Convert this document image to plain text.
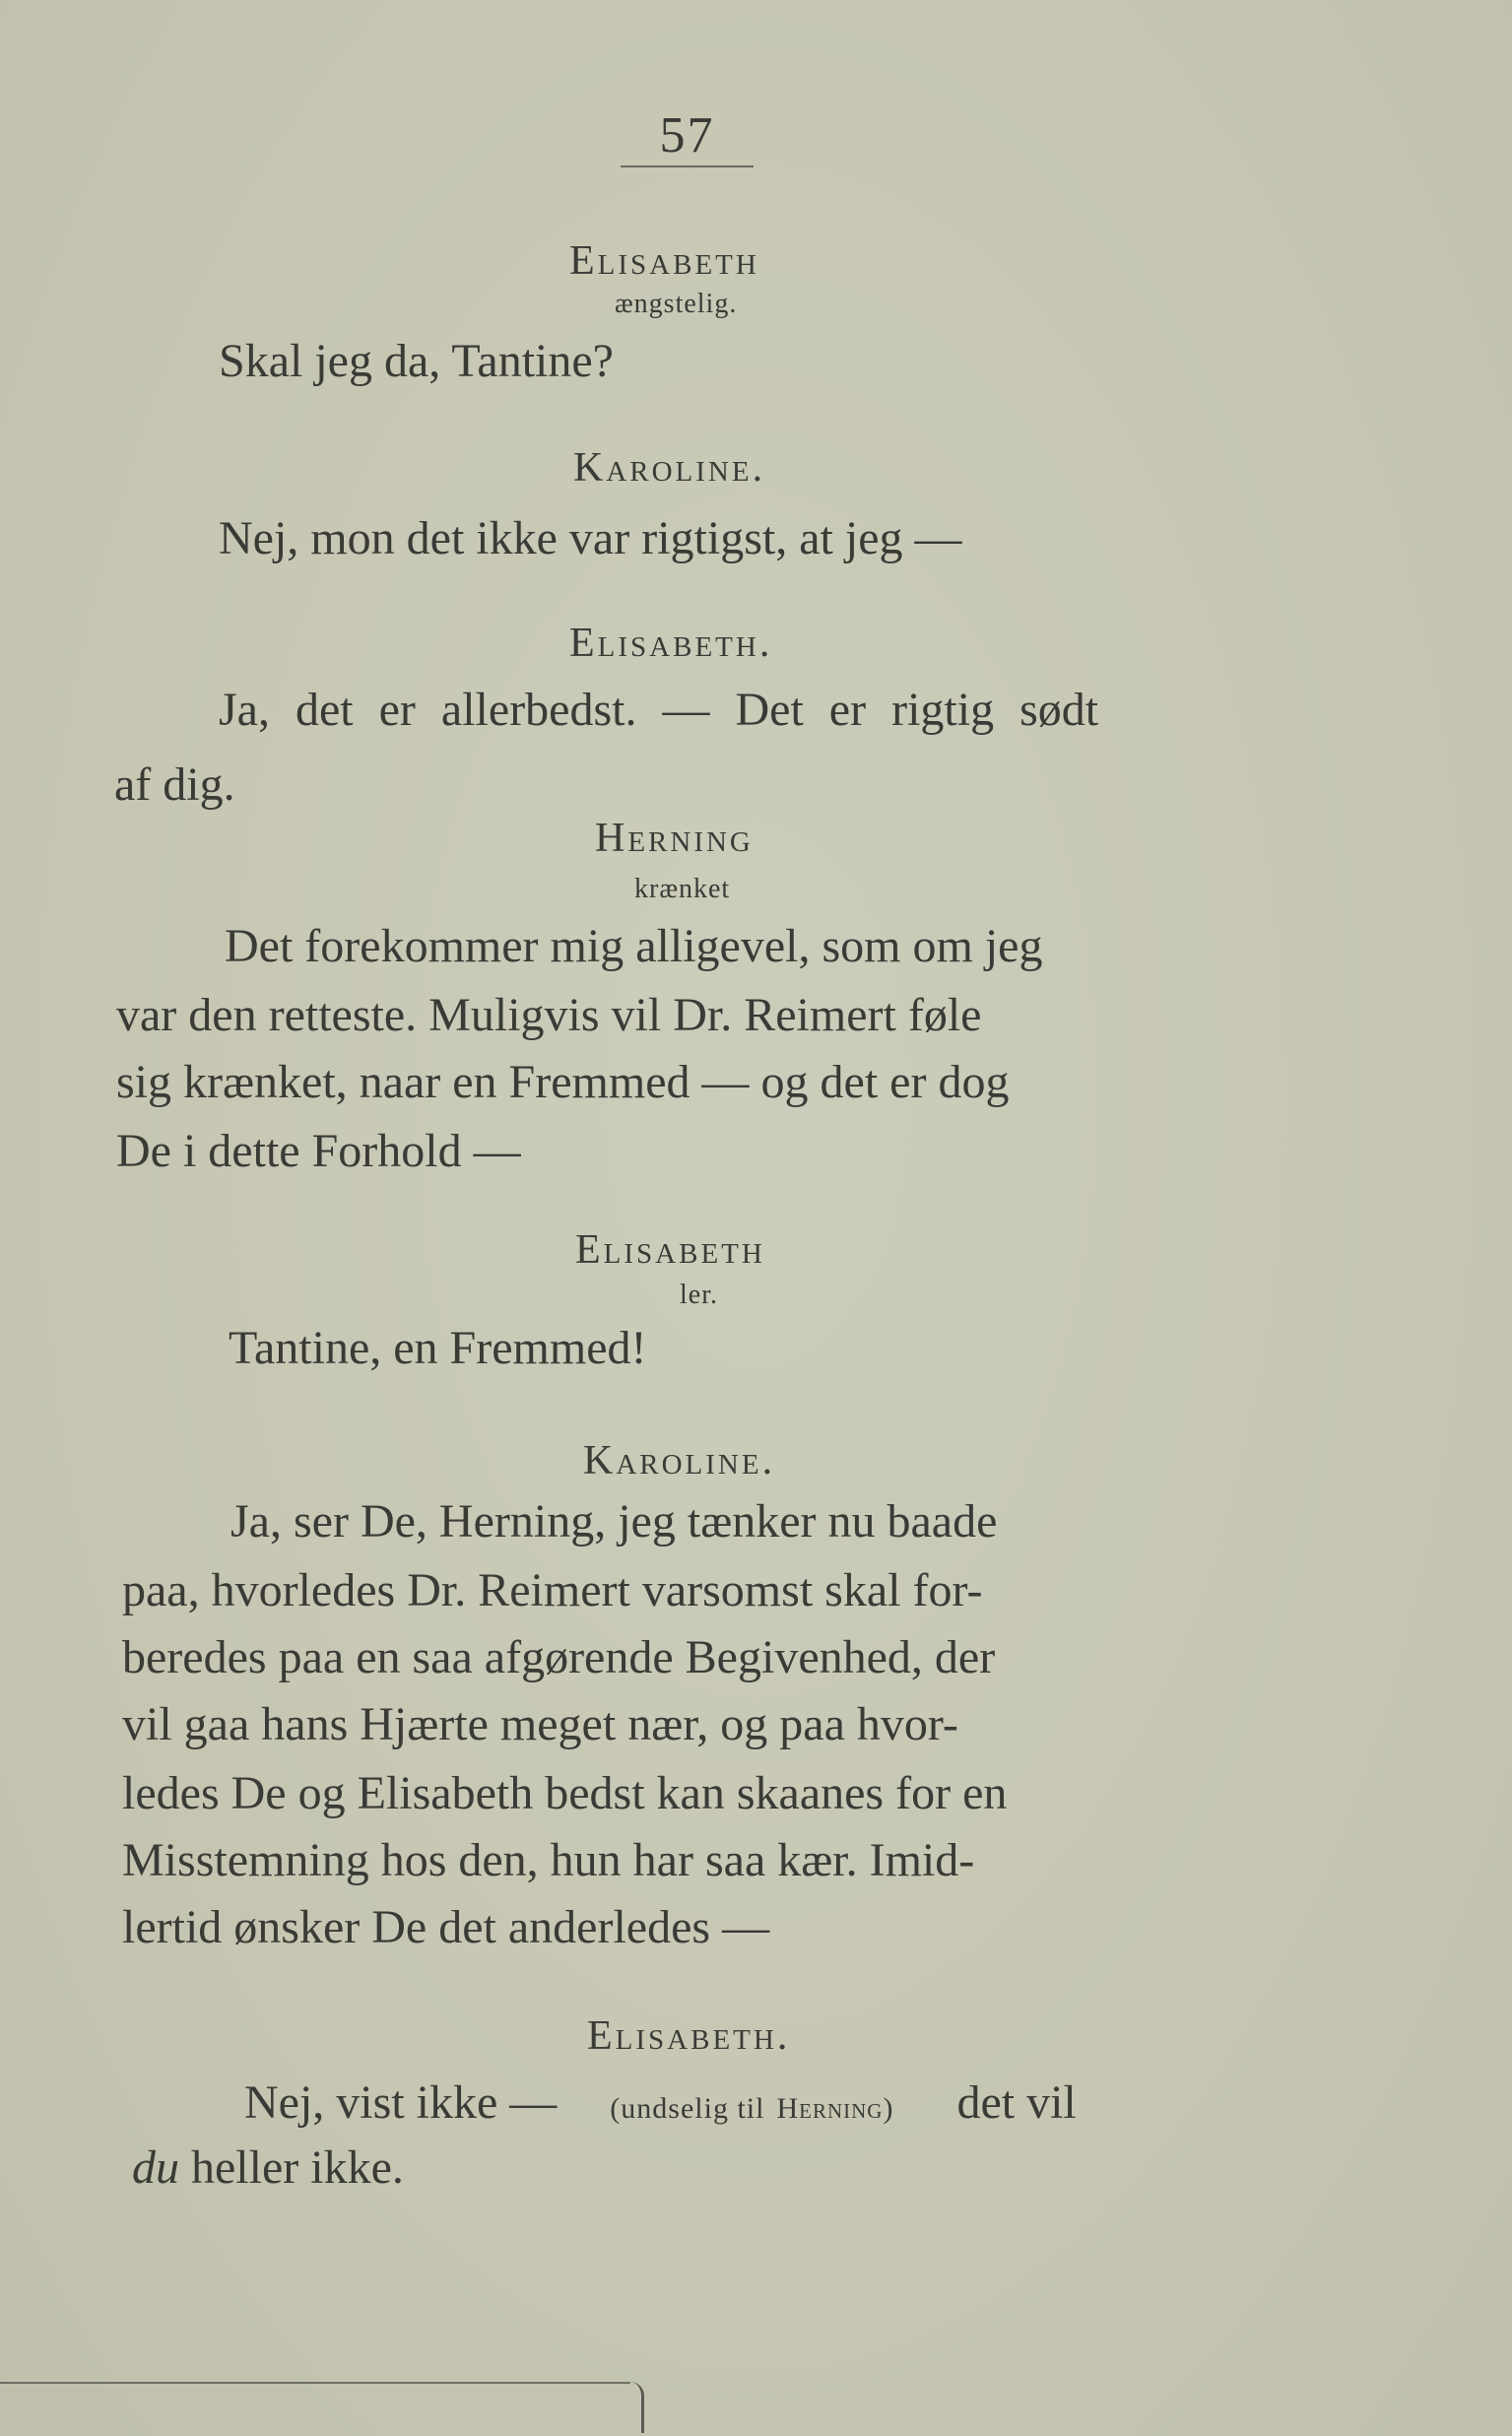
57
Elisabeth
ængstelig.
Skal jeg da, Tantine?
Karoline.
Nej, mon det ikke var rigtigst, at jeg —
Elisabeth.
Ja, det er allerbedst. –– Det er rigtig sødt
af dig.
Herning
krænket
Det forekommer mig alligevel, som om jeg
var den retteste. Muligvis vil Dr. Reimert føle
sig krænket, naar en Fremmed — og det er dog
De i dette Forhold —
Elisabeth
ler.
Tantine, en Fremmed!
Karoline.
Ja, ser De, Herning, jeg tænker nu baade
paa, hvorledes Dr. Reimert varsomst skal for-
beredes paa en saa afgørende Begivenhed, der
vil gaa hans Hjærte meget nær, og paa hvor-
ledes De og Elisabeth bedst kan skaanes for en
Misstemning hos den, hun har saa kær. Imid-
lertid ønsker De det anderledes —
Elisabeth.
Nej, vist ikke — (undselig til Herning) det vil
du heller ikke.
